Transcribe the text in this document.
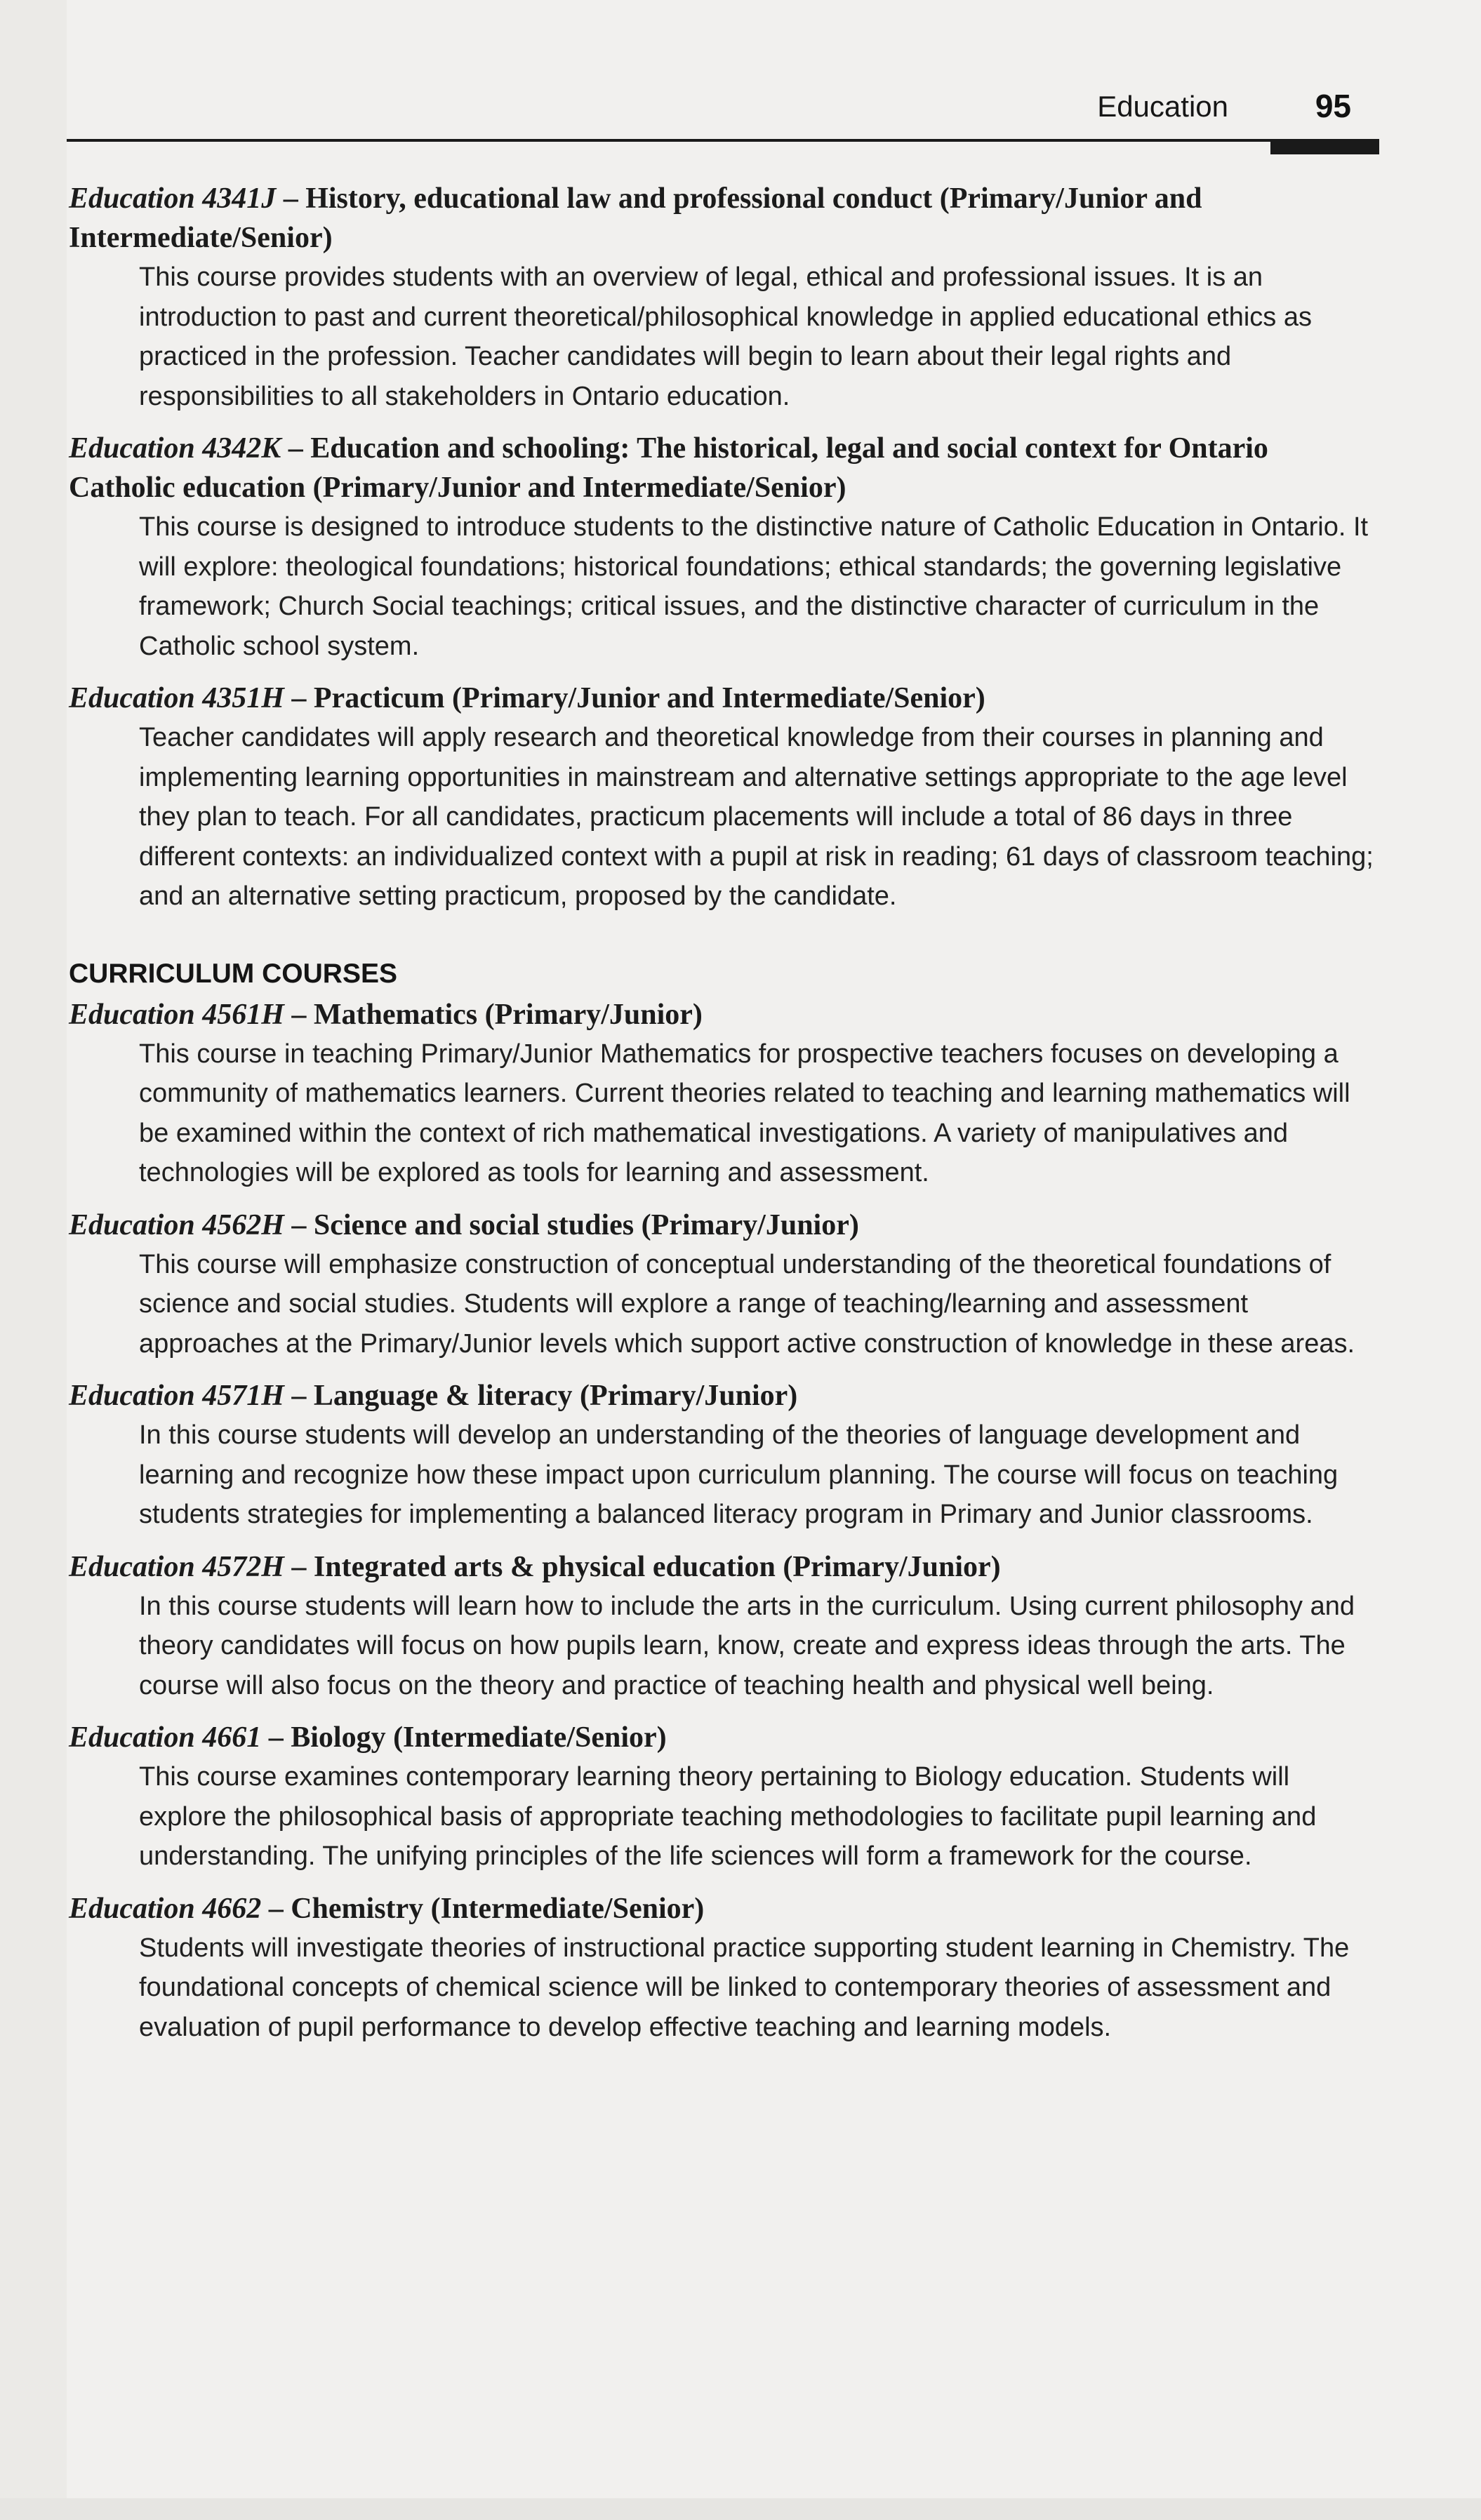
Education	95
Education 4341J – History, educational law and professional conduct (Primary/Junior and Intermediate/Senior)
This course provides students with an overview of legal, ethical and professional issues. It is an introduction to past and current theoretical/philosophical knowledge in applied educational ethics as practiced in the profession. Teacher candidates will begin to learn about their legal rights and responsibilities to all stakeholders in Ontario education.
Education 4342K – Education and schooling: The historical, legal and social context for Ontario Catholic education (Primary/Junior and Intermediate/Senior)
This course is designed to introduce students to the distinctive nature of Catholic Education in Ontario. It will explore: theological foundations; historical foundations; ethical standards; the governing legislative framework; Church Social teachings; critical issues, and the distinctive character of curriculum in the Catholic school system.
Education 4351H – Practicum (Primary/Junior and Intermediate/Senior)
Teacher candidates will apply research and theoretical knowledge from their courses in planning and implementing learning opportunities in mainstream and alternative settings appropriate to the age level they plan to teach. For all candidates, practicum placements will include a total of 86 days in three different contexts: an individualized context with a pupil at risk in reading; 61 days of classroom teaching; and an alternative setting practicum, proposed by the candidate.
CURRICULUM COURSES
Education 4561H – Mathematics (Primary/Junior)
This course in teaching Primary/Junior Mathematics for prospective teachers focuses on developing a community of mathematics learners. Current theories related to teaching and learning mathematics will be examined within the context of rich mathematical investigations. A variety of manipulatives and technologies will be explored as tools for learning and assessment.
Education 4562H – Science and social studies (Primary/Junior)
This course will emphasize construction of conceptual understanding of the theoretical foundations of science and social studies. Students will explore a range of teaching/learning and assessment approaches at the Primary/Junior levels which support active construction of knowledge in these areas.
Education 4571H – Language & literacy (Primary/Junior)
In this course students will develop an understanding of the theories of language development and learning and recognize how these impact upon curriculum planning. The course will focus on teaching students strategies for implementing a balanced literacy program in Primary and Junior classrooms.
Education 4572H – Integrated arts & physical education (Primary/Junior)
In this course students will learn how to include the arts in the curriculum. Using current philosophy and theory candidates will focus on how pupils learn, know, create and express ideas through the arts. The course will also focus on the theory and practice of teaching health and physical well being.
Education 4661 – Biology (Intermediate/Senior)
This course examines contemporary learning theory pertaining to Biology education. Students will explore the philosophical basis of appropriate teaching methodologies to facilitate pupil learning and understanding. The unifying principles of the life sciences will form a framework for the course.
Education 4662 – Chemistry (Intermediate/Senior)
Students will investigate theories of instructional practice supporting student learning in Chemistry. The foundational concepts of chemical science will be linked to contemporary theories of assessment and evaluation of pupil performance to develop effective teaching and learning models.
